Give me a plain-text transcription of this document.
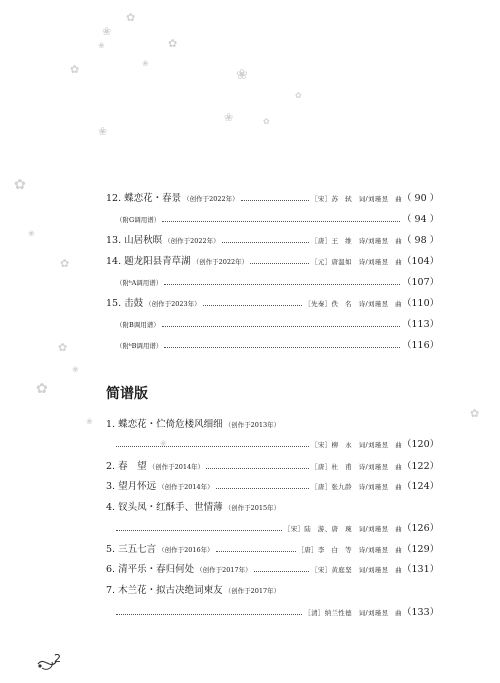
✿
❀
✿
❀
✿
❀
✿
❀
✿
❀
✿
❀
✿
❀
✿
❀
✿
❀
✿
❀
12. 蝶恋花・春景 （创作于2022年）	［宋］苏　轼　词/刘瑾昱　曲 （ 90 ）
（附G调用谱）	（ 94 ）
13. 山居秋暝 （创作于2022年）	［唐］王　维　诗/刘瑾昱　曲 （ 98 ）
14. 题龙阳县青草湖 （创作于2022年）	［元］唐温如　诗/刘瑾昱　曲 （104）
（附ᵇA调用谱）	（107）
15. 击鼓 （创作于2023年）	［先秦］佚　名　诗/刘瑾昱　曲 （110）
（附B调用谱）	（113）
（附ᵇB调用谱）	（116）
简谱版
1. 蝶恋花・伫倚危楼风细细 （创作于2013年）
［宋］柳　永　词/刘瑾昱　曲 （120）
2. 春　望 （创作于2014年）	［唐］杜　甫　诗/刘瑾昱　曲 （122）
3. 望月怀远 （创作于2014年）	［唐］张九龄　诗/刘瑾昱　曲 （124）
4. 钗头凤・红酥手、世情薄 （创作于2015年）
［宋］陆　游、唐　琬　词/刘瑾昱　曲 （126）
5. 三五七言 （创作于2016年）	［唐］李　白　等　诗/刘瑾昱　曲 （129）
6. 清平乐・春归何处 （创作于2017年）	［宋］黄庭坚　词/刘瑾昱　曲 （131）
7. 木兰花・拟古决绝词柬友 （创作于2017年）
［清］纳兰性德　词/刘瑾昱　曲 （133）
2
